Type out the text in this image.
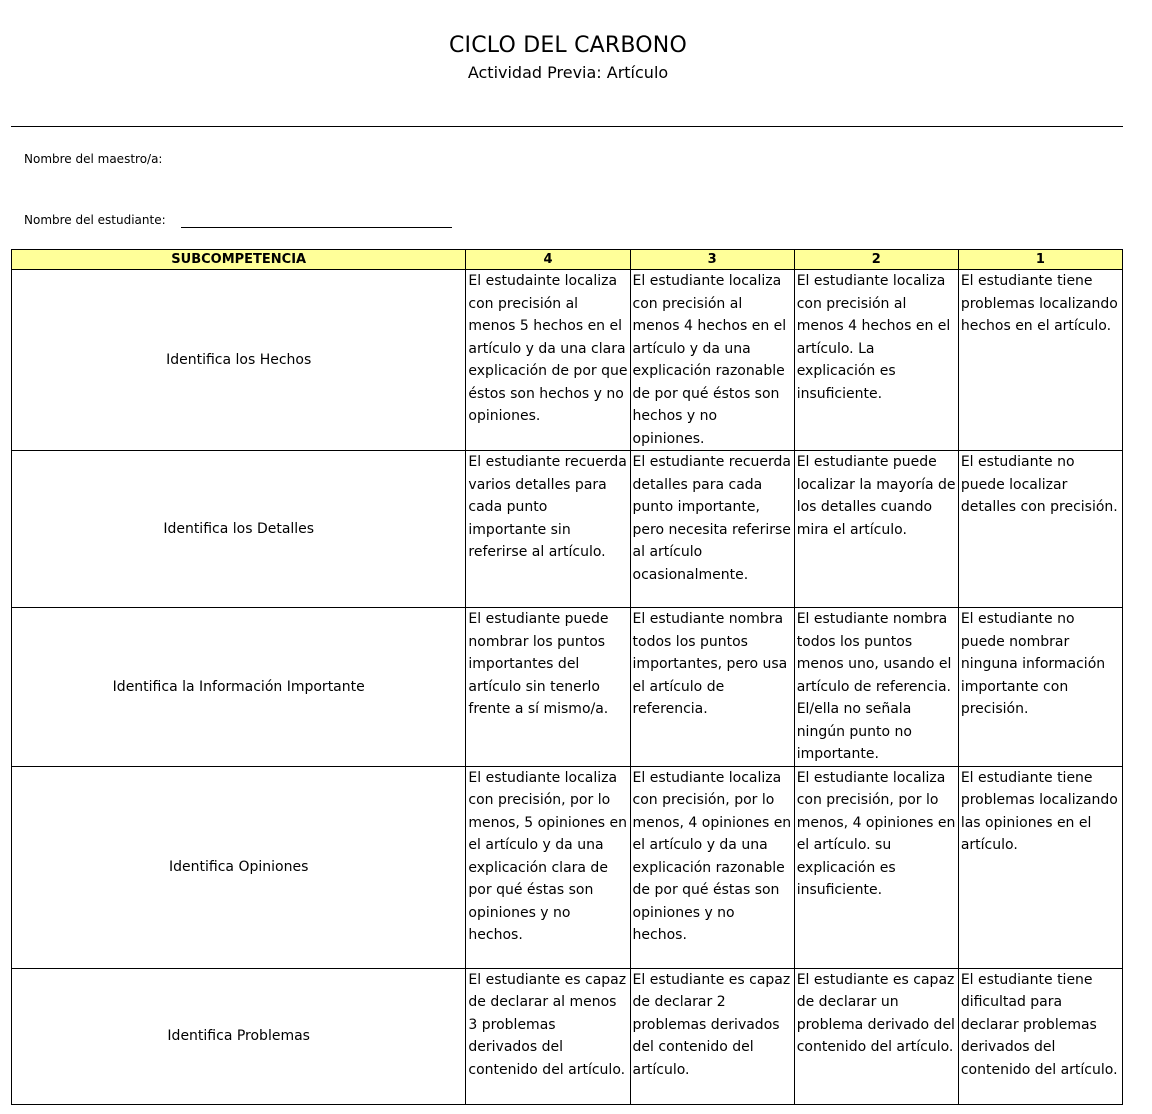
CICLO DEL CARBONO
Actividad Previa: Artículo
Nombre del maestro/a:
Nombre del estudiante:
SUBCOMPETENCIA	4	3	2	1
Identifica los Hechos	El estudainte localiza con precisión al menos 5 hechos en el artículo y da una clara explicación de por que éstos son hechos y no opiniones.	El estudiante localiza con precisión al menos 4 hechos en el artículo y da una explicación razonable de por qué éstos son hechos y no opiniones.	El estudiante localiza con precisión al menos 4 hechos en el artículo. La explicación es insuficiente.	El estudiante tiene problemas localizando hechos en el artículo.
Identifica los Detalles	El estudiante recuerda varios detalles para cada punto importante sin referirse al artículo.	El estudiante recuerda detalles para cada punto importante, pero necesita referirse al artículo ocasionalmente.	El estudiante puede localizar la mayoría de los detalles cuando mira el artículo.	El estudiante no puede localizar detalles con precisión.
Identifica la Información Importante	El estudiante puede nombrar los puntos importantes del artículo sin tenerlo frente a sí mismo/a.	El estudiante nombra todos los puntos importantes, pero usa el artículo de referencia.	El estudiante nombra todos los puntos menos uno, usando el artículo de referencia. El/ella no señala ningún punto no importante.	El estudiante no puede nombrar ninguna información importante con precisión.
Identifica Opiniones	El estudiante localiza con precisión, por lo menos, 5 opiniones en el artículo y da una explicación clara de por qué éstas son opiniones y no hechos.	El estudiante localiza con precisión, por lo menos, 4 opiniones en el artículo y da una explicación razonable de por qué éstas son opiniones y no hechos.	El estudiante localiza con precisión, por lo menos, 4 opiniones en el artículo. su explicación es insuficiente.	El estudiante tiene problemas localizando las opiniones en el artículo.
Identifica Problemas	El estudiante es capaz de declarar al menos 3 problemas derivados del contenido del artículo.	El estudiante es capaz de declarar 2 problemas derivados del contenido del artículo.	El estudiante es capaz de declarar un problema derivado del contenido del artículo.	El estudiante tiene dificultad para declarar problemas derivados del contenido del artículo.
